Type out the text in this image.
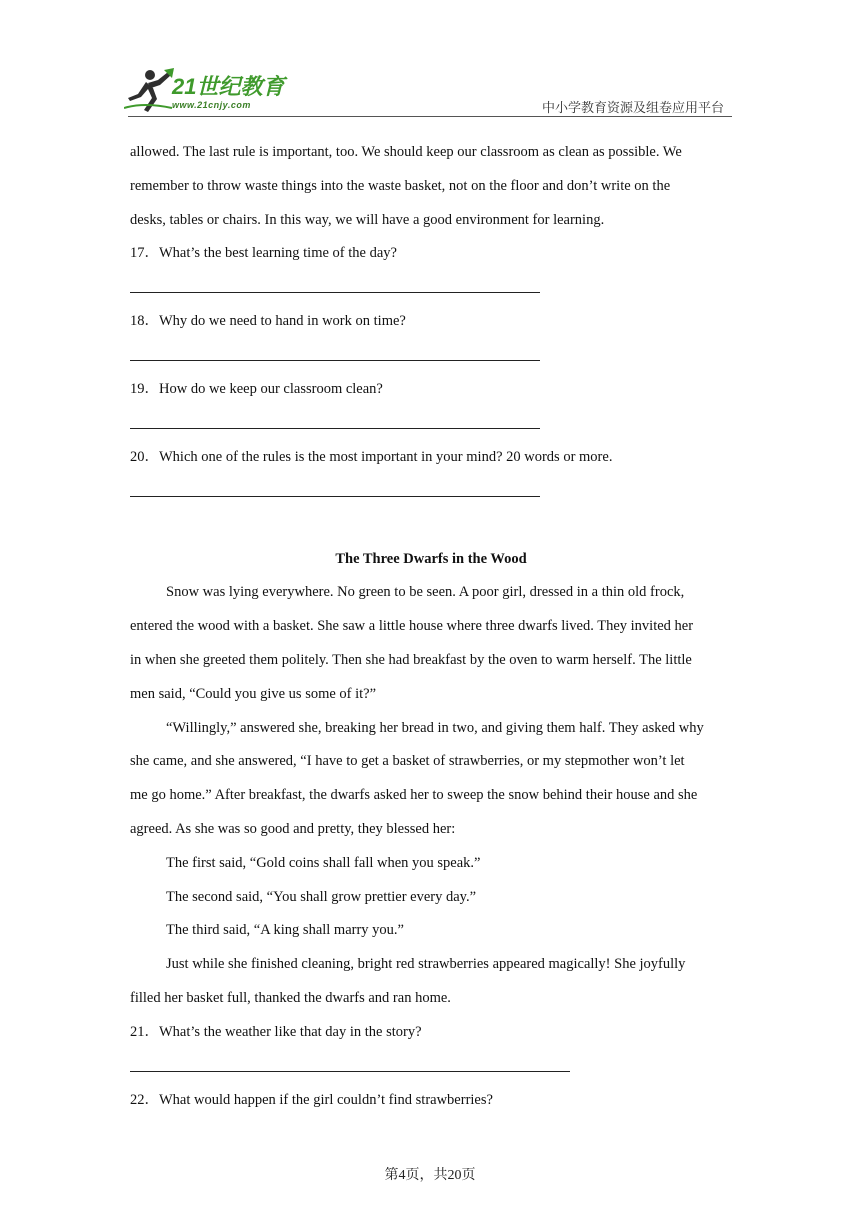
21世纪教育
www.21cnjy.com	中小学教育资源及组卷应用平台

allowed. The last rule is important, too. We should keep our classroom as clean as possible. We

remember to throw waste things into the waste basket, not on the floor and don’t write on the

desks, tables or chairs. In this way, we will have a good environment for learning.

17．What’s the best learning time of the day?

18．Why do we need to hand in work on time?

19．How do we keep our classroom clean?

20．Which one of the rules is the most important in your mind? 20 words or more.

The Three Dwarfs in the Wood

Snow was lying everywhere. No green to be seen. A poor girl, dressed in a thin old frock,

entered the wood with a basket. She saw a little house where three dwarfs lived. They invited her

in when she greeted them politely. Then she had breakfast by the oven to warm herself. The little

men said, “Could you give us some of it?”

“Willingly,” answered she, breaking her bread in two, and giving them half. They asked why

she came, and she answered, “I have to get a basket of strawberries, or my stepmother won’t let

me go home.” After breakfast, the dwarfs asked her to sweep the snow behind their house and she

agreed. As she was so good and pretty, they blessed her:

The first said, “Gold coins shall fall when you speak.”

The second said, “You shall grow prettier every day.”

The third said, “A king shall marry you.”

Just while she finished cleaning, bright red strawberries appeared magically! She joyfully

filled her basket full, thanked the dwarfs and ran home.

21．What’s the weather like that day in the story?

22．What would happen if the girl couldn’t find strawberries?

第4页，共20页
